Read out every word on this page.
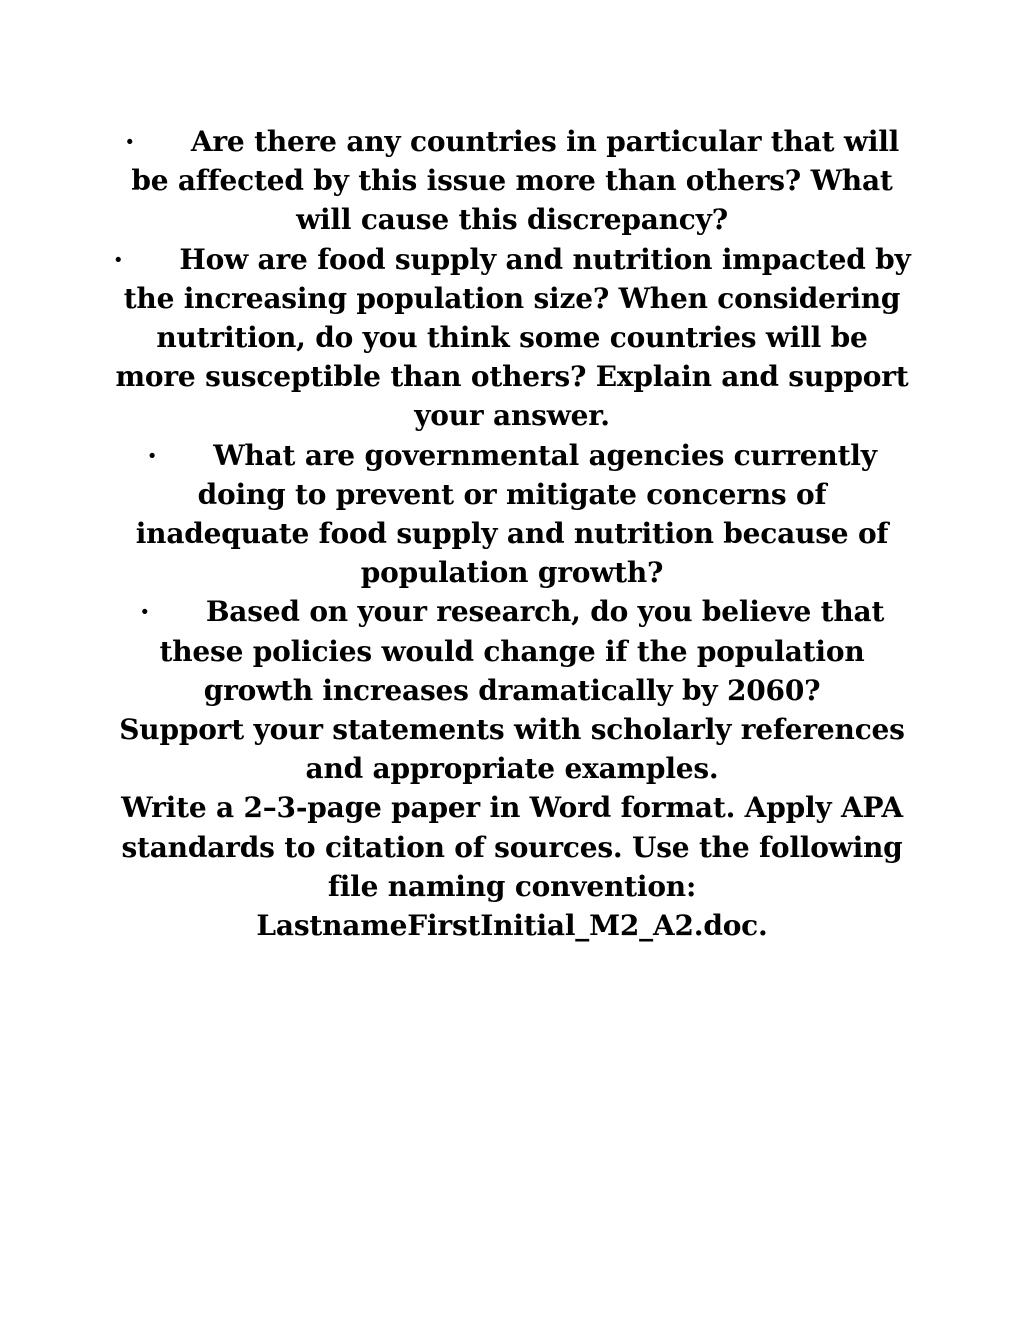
· Are there any countries in particular that will be affected by this issue more than others? What will cause this discrepancy?

· How are food supply and nutrition impacted by the increasing population size? When considering nutrition, do you think some countries will be more susceptible than others? Explain and support your answer.

· What are governmental agencies currently doing to prevent or mitigate concerns of inadequate food supply and nutrition because of population growth?

· Based on your research, do you believe that these policies would change if the population growth increases dramatically by 2060?

Support your statements with scholarly references and appropriate examples.

Write a 2–3-page paper in Word format. Apply APA standards to citation of sources. Use the following file naming convention: LastnameFirstInitial_M2_A2.doc.
